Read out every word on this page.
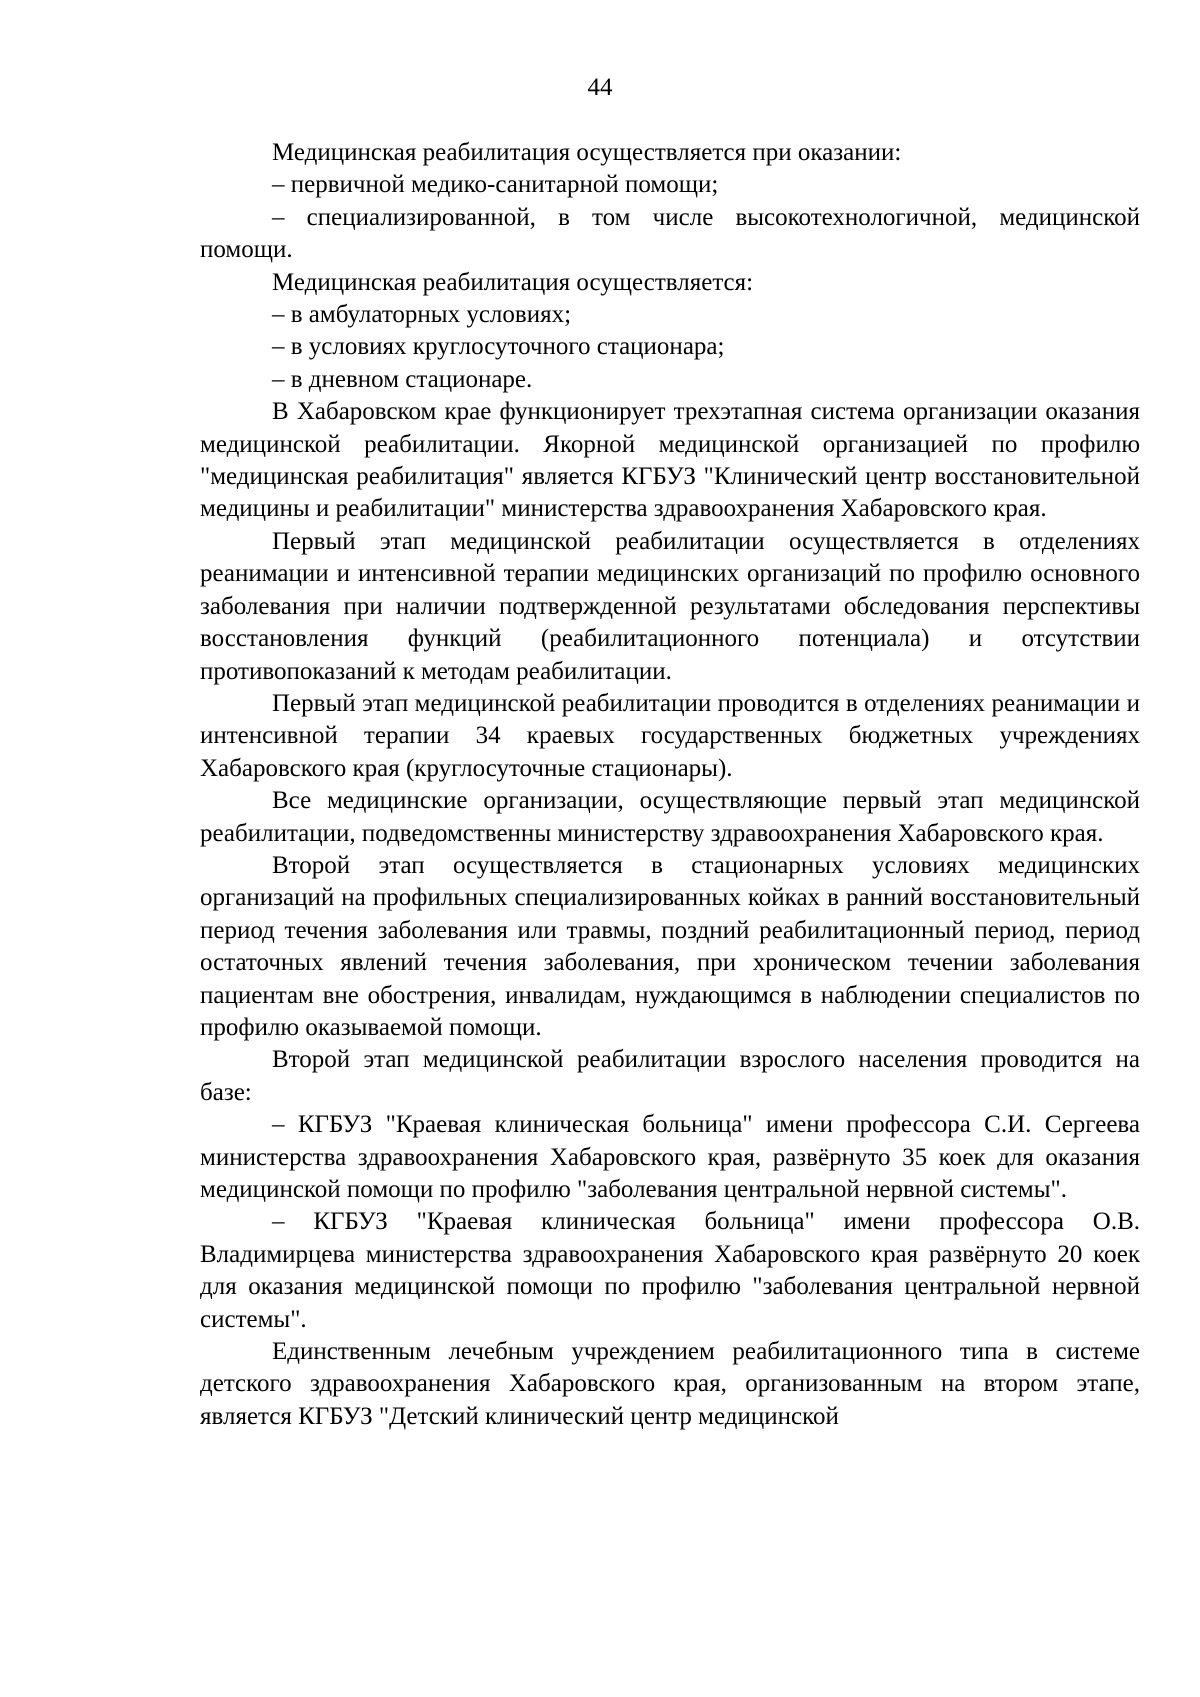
44

Медицинская реабилитация осуществляется при оказании:

– первичной медико-санитарной помощи;

– специализированной, в том числе высокотехнологичной, медицинской помощи.

Медицинская реабилитация осуществляется:

– в амбулаторных условиях;

– в условиях круглосуточного стационара;

– в дневном стационаре.

В Хабаровском крае функционирует трехэтапная система организации оказания медицинской реабилитации. Якорной медицинской организацией по профилю "медицинская реабилитация" является КГБУЗ "Клинический центр восстановительной медицины и реабилитации" министерства здравоохранения Хабаровского края.

Первый этап медицинской реабилитации осуществляется в отделениях реанимации и интенсивной терапии медицинских организаций по профилю основного заболевания при наличии подтвержденной результатами обследования перспективы восстановления функций (реабилитационного потенциала) и отсутствии противопоказаний к методам реабилитации.

Первый этап медицинской реабилитации проводится в отделениях реанимации и интенсивной терапии 34 краевых государственных бюджетных учреждениях Хабаровского края (круглосуточные стационары).

Все медицинские организации, осуществляющие первый этап медицинской реабилитации, подведомственны министерству здравоохранения Хабаровского края.

Второй этап осуществляется в стационарных условиях медицинских организаций на профильных специализированных койках в ранний восстановительный период течения заболевания или травмы, поздний реабилитационный период, период остаточных явлений течения заболевания, при хроническом течении заболевания пациентам вне обострения, инвалидам, нуждающимся в наблюдении специалистов по профилю оказываемой помощи.

Второй этап медицинской реабилитации взрослого населения проводится на базе:

– КГБУЗ "Краевая клиническая больница" имени профессора С.И. Сергеева министерства здравоохранения Хабаровского края, развёрнуто 35 коек для оказания медицинской помощи по профилю "заболевания центральной нервной системы".

– КГБУЗ "Краевая клиническая больница" имени профессора О.В. Владимирцева министерства здравоохранения Хабаровского края развёрнуто 20 коек для оказания медицинской помощи по профилю "заболевания центральной нервной системы".

Единственным лечебным учреждением реабилитационного типа в системе детского здравоохранения Хабаровского края, организованным на втором этапе, является КГБУЗ "Детский клинический центр медицинской
